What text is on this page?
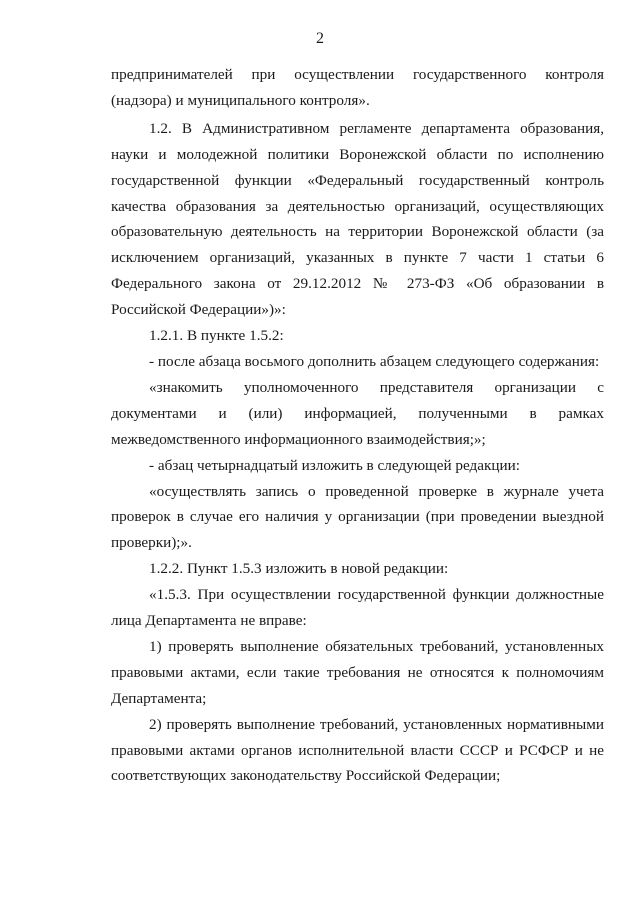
2

предпринимателей при осуществлении государственного контроля (надзора) и муниципального контроля».

1.2. В Административном регламенте департамента образования, науки и молодежной политики Воронежской области по исполнению государственной функции «Федеральный государственный контроль качества образования за деятельностью организаций, осуществляющих образовательную деятельность на территории Воронежской области (за исключением организаций, указанных в пункте 7 части 1 статьи 6 Федерального закона от 29.12.2012 № 273-ФЗ «Об образовании в Российской Федерации»)»:

1.2.1. В пункте 1.5.2:

- после абзаца восьмого дополнить абзацем следующего содержания:

«знакомить уполномоченного представителя организации с документами и (или) информацией, полученными в рамках межведомственного информационного взаимодействия;»;

- абзац четырнадцатый изложить в следующей редакции:

«осуществлять запись о проведенной проверке в журнале учета проверок в случае его наличия у организации (при проведении выездной проверки);».

1.2.2. Пункт 1.5.3 изложить в новой редакции:

«1.5.3. При осуществлении государственной функции должностные лица Департамента не вправе:

1) проверять выполнение обязательных требований, установленных правовыми актами, если такие требования не относятся к полномочиям Департамента;

2) проверять выполнение требований, установленных нормативными правовыми актами органов исполнительной власти СССР и РСФСР и не соответствующих законодательству Российской Федерации;
